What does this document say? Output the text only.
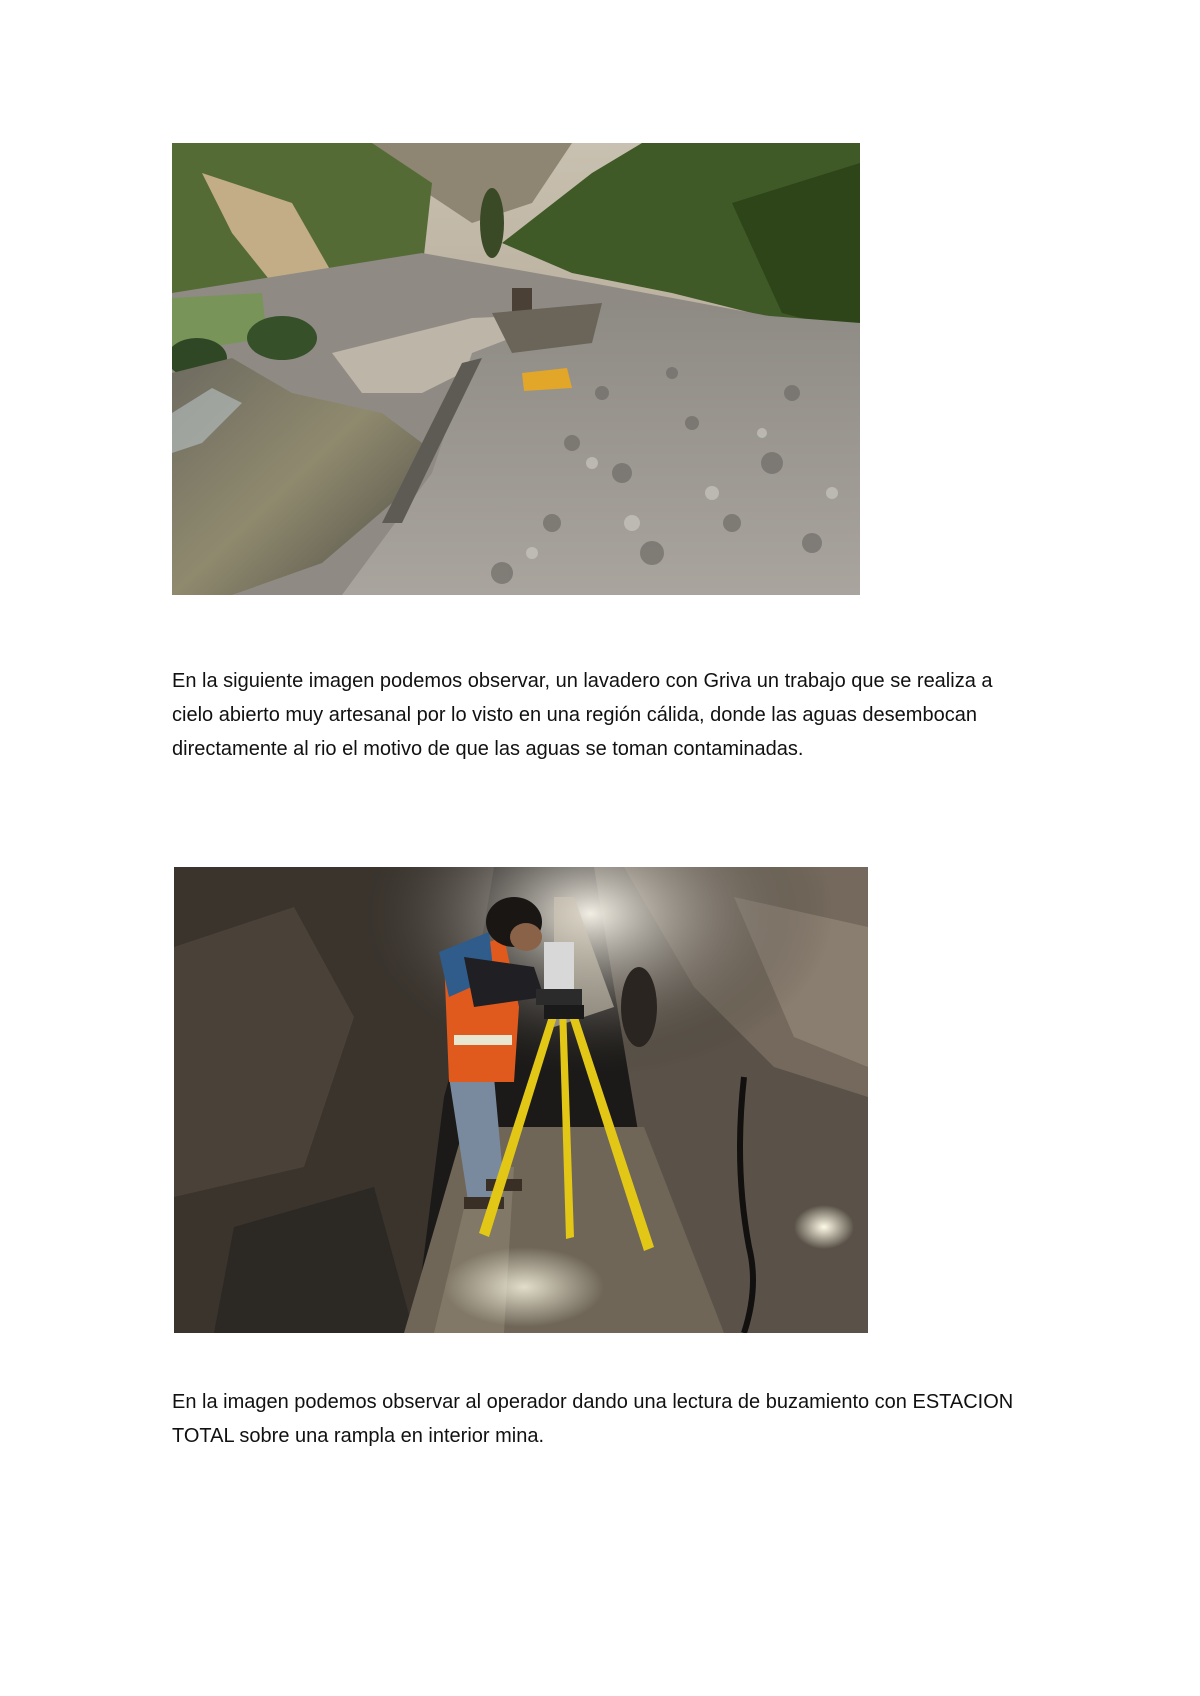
En la siguiente imagen podemos observar, un lavadero con Griva un trabajo que se realiza a cielo abierto muy artesanal por lo visto en una región cálida, donde las aguas desembocan directamente al rio el motivo de que las aguas se toman contaminadas.

En la imagen podemos observar al operador dando una lectura de buzamiento con ESTACION TOTAL sobre una rampla en interior mina.
